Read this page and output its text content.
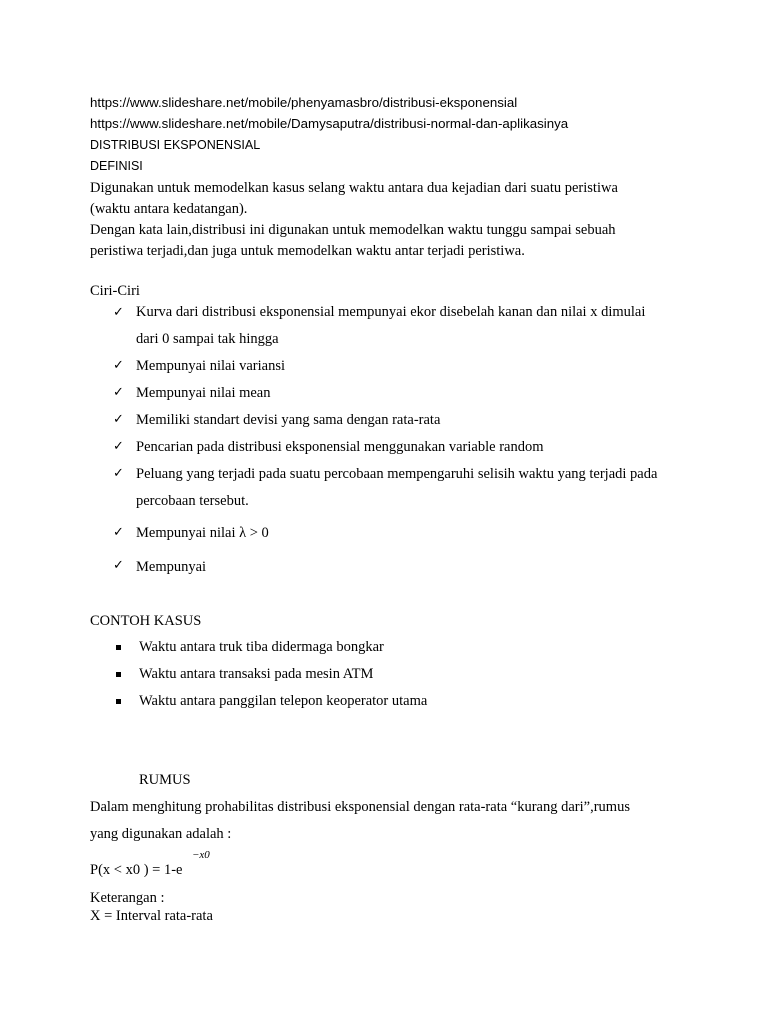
https://www.slideshare.net/mobile/phenyamasbro/distribusi-eksponensial
https://www.slideshare.net/mobile/Damysaputra/distribusi-normal-dan-aplikasinya
DISTRIBUSI EKSPONENSIAL
DEFINISI
Digunakan untuk memodelkan kasus selang waktu antara dua kejadian dari suatu peristiwa
(waktu antara kedatangan).
Dengan kata lain,distribusi ini digunakan untuk memodelkan waktu tunggu sampai sebuah
peristiwa terjadi,dan juga untuk memodelkan waktu antar terjadi peristiwa.
Ciri-Ciri
✓
Kurva dari distribusi eksponensial mempunyai ekor disebelah kanan dan nilai x dimulai
dari 0 sampai tak hingga
✓
Mempunyai nilai variansi
✓
Mempunyai nilai mean
✓
Memiliki standart devisi yang sama dengan rata-rata
✓
Pencarian pada distribusi eksponensial menggunakan variable random
✓
Peluang yang terjadi pada suatu percobaan mempengaruhi selisih waktu yang terjadi pada
percobaan tersebut.
✓
Mempunyai nilai λ > 0
✓
Mempunyai
CONTOH KASUS
Waktu antara truk tiba didermaga bongkar
Waktu antara transaksi pada mesin ATM
Waktu antara panggilan telepon keoperator utama
RUMUS
Dalam menghitung prohabilitas distribusi eksponensial dengan rata-rata “kurang dari”,rumus
yang digunakan adalah :
P(x < x0 ) = 1-e
−x0
Keterangan :
X = Interval rata-rata
